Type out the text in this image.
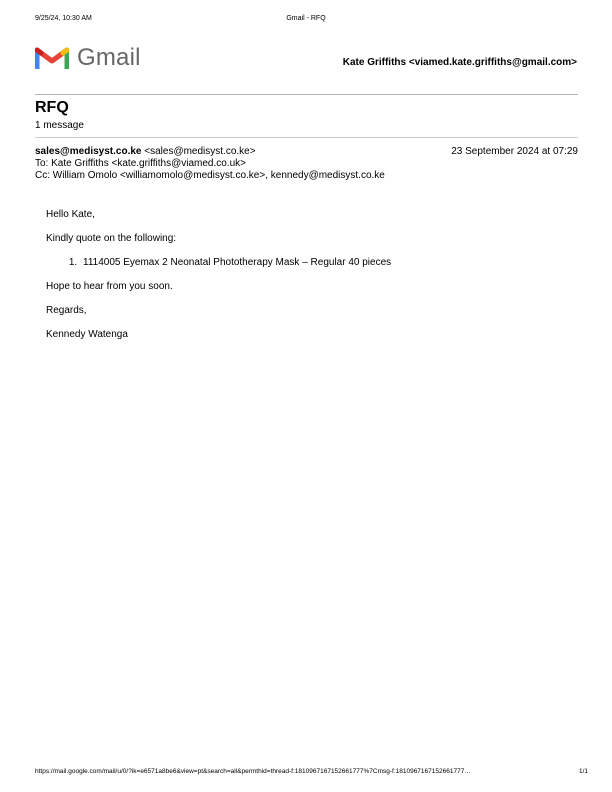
9/25/24, 10:30 AM	Gmail - RFQ
Gmail	Kate Griffiths <viamed.kate.griffiths@gmail.com>
RFQ
1 message
sales@medisyst.co.ke <sales@medisyst.co.ke>	23 September 2024 at 07:29
To: Kate Griffiths <kate.griffiths@viamed.co.uk>
Cc: William Omolo <williamomolo@medisyst.co.ke>, kennedy@medisyst.co.ke

Hello Kate,

Kindly quote on the following:

1. 1114005 Eyemax 2 Neonatal Phototherapy Mask – Regular 40 pieces

Hope to hear from you soon.

Regards,

Kennedy Watenga

https://mail.google.com/mail/u/0/?ik=e6571a8be6&view=pt&search=all&permthid=thread-f:1810967167152661777%7Cmsg-f:1810967167152661777…	1/1
